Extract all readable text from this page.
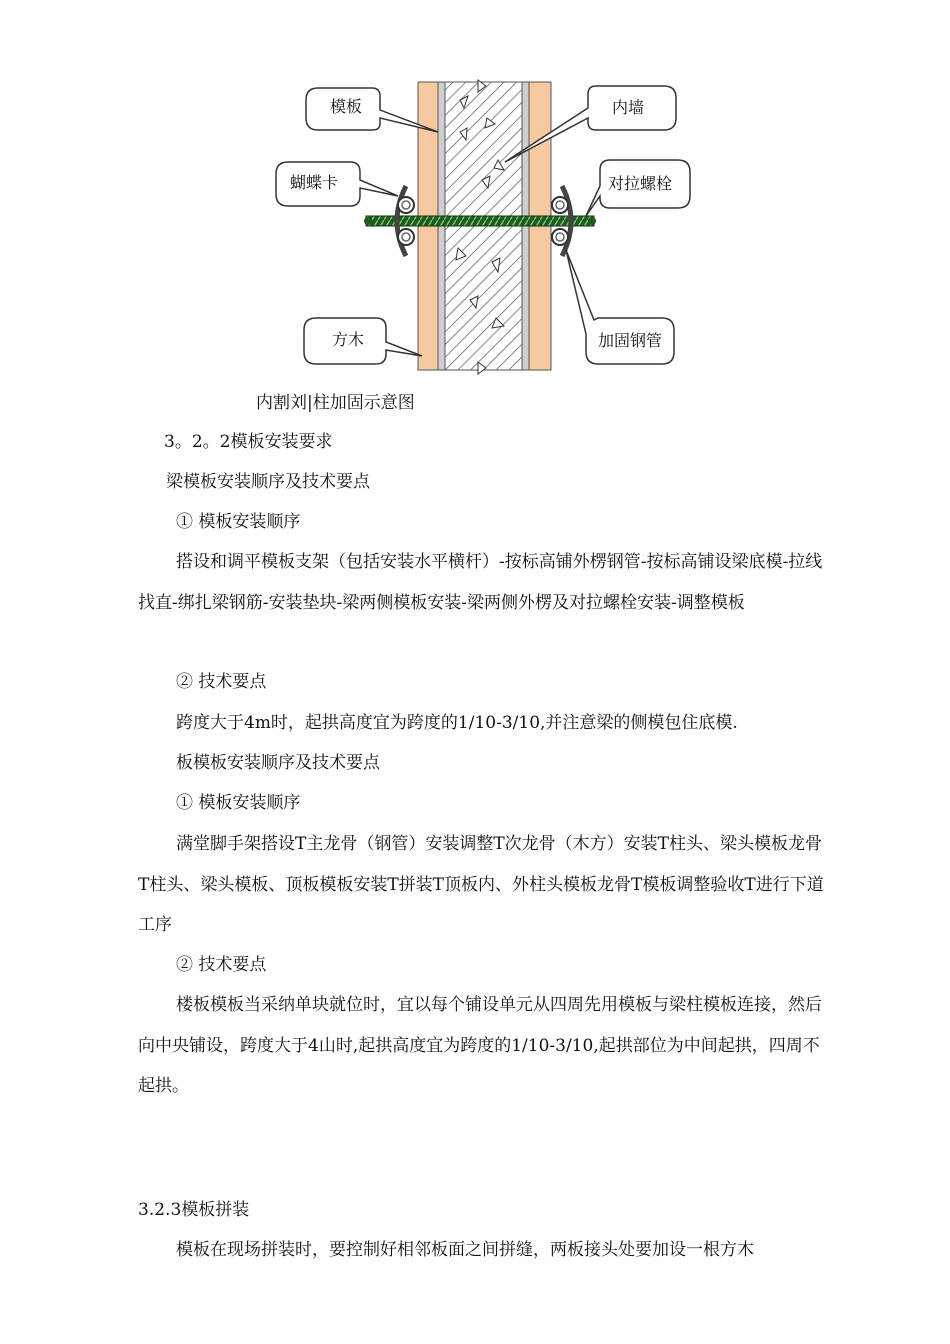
模板	内墙
蝴蝶卡	对拉螺栓
方木	加固钢管
内割刘|柱加固示意图
3。2。2模板安装要求
梁模板安装顺序及技术要点
① 模板安装顺序
搭设和调平模板支架（包括安装水平横杆）-按标高铺外楞钢管-按标高铺设梁底模-拉线找直-绑扎梁钢筋-安装垫块-梁两侧模板安装-梁两侧外楞及对拉螺栓安装-调整模板
② 技术要点
跨度大于4m时，起拱高度宜为跨度的1/10-3/10,并注意梁的侧模包住底模.
板模板安装顺序及技术要点
① 模板安装顺序
满堂脚手架搭设T主龙骨（钢管）安装调整T次龙骨（木方）安装T柱头、梁头模板龙骨T柱头、梁头模板、顶板模板安装T拼装T顶板内、外柱头模板龙骨T模板调整验收T进行下道工序
② 技术要点
楼板模板当采纳单块就位时，宜以每个铺设单元从四周先用模板与梁柱模板连接，然后向中央铺设，跨度大于4山时,起拱高度宜为跨度的1/10-3/10,起拱部位为中间起拱，四周不起拱。
3.2.3模板拼装
模板在现场拼装时，要控制好相邻板面之间拼缝，两板接头处要加设一根方木
